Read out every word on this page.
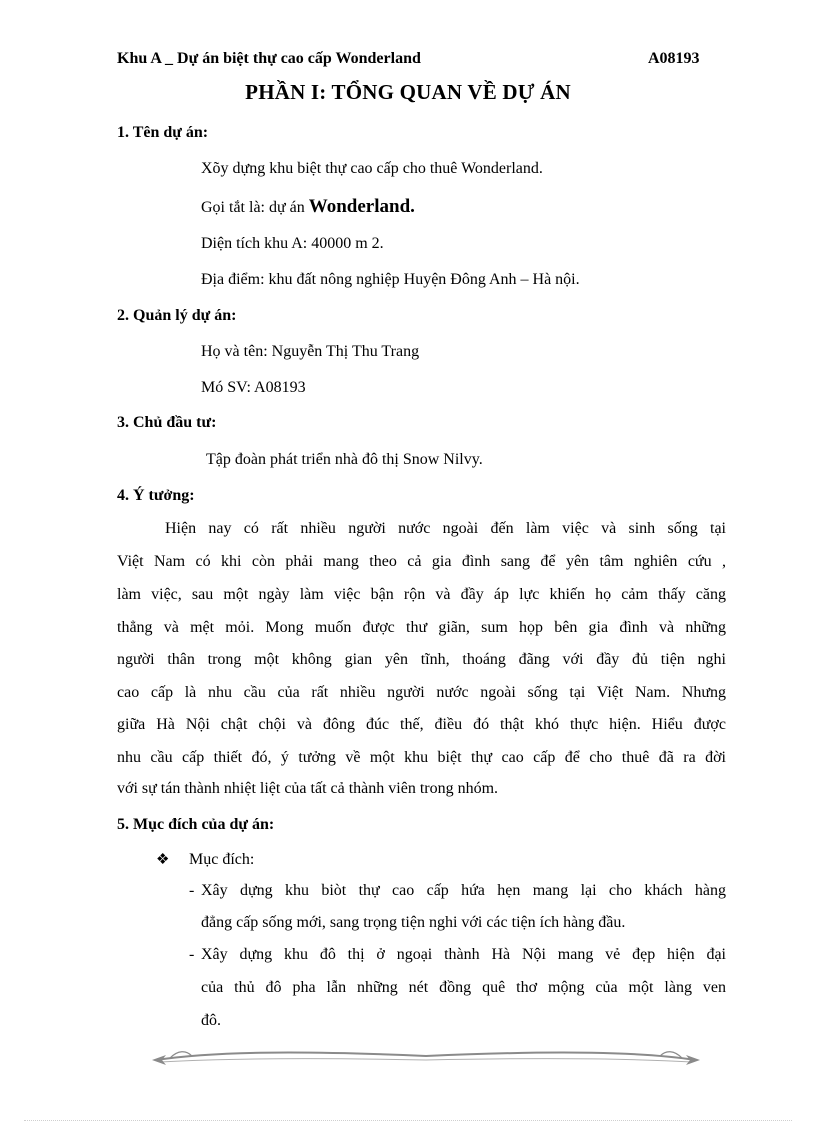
Khu A _ Dự án biệt thự cao cấp Wonderland	A08193
PHẦN I: TỔNG QUAN VỀ DỰ ÁN
1. Tên dự án:
Xõy dựng khu biệt thự cao cấp cho thuê Wonderland.
Gọi tắt là: dự án Wonderland.
Diện tích khu A: 40000 m 2.
Địa điểm: khu đất nông nghiệp Huyện Đông Anh – Hà nội.
2. Quản lý dự án:
Họ và tên: Nguyễn Thị Thu Trang
Mó SV: A08193
3. Chủ đầu tư:
Tập đoàn phát triển nhà đô thị Snow Nilvy.
4. Ý tưởng:
Hiện nay có rất nhiều người nước ngoài đến làm việc và sinh sống tại
Việt Nam có khi còn phải mang theo cả gia đình sang để yên tâm nghiên cứu ,
làm việc, sau một ngày làm việc bận rộn và đầy áp lực khiến họ cảm thấy căng
thẳng và mệt mỏi. Mong muốn được thư giãn, sum họp bên gia đình và những
người thân trong một không gian yên tĩnh, thoáng đãng với đầy đủ tiện nghi
cao cấp là nhu cầu của rất nhiều người nước ngoài sống tại Việt Nam. Nhưng
giữa Hà Nội chật chội và đông đúc thế, điều đó thật khó thực hiện. Hiểu được
nhu cầu cấp thiết đó, ý tưởng về một khu biệt thự cao cấp để cho thuê đã ra đời
với sự tán thành nhiệt liệt của tất cả thành viên trong nhóm.
5. Mục đích của dự án:
❖ Mục đích:
- Xây dựng khu biòt thự cao cấp hứa hẹn mang lại cho khách hàng
đẳng cấp sống mới, sang trọng tiện nghi với các tiện ích hàng đầu.
- Xây dựng khu đô thị ở ngoại thành Hà Nội mang vẻ đẹp hiện đại
của thủ đô pha lẫn những nét đồng quê thơ mộng của một làng ven
đô.
